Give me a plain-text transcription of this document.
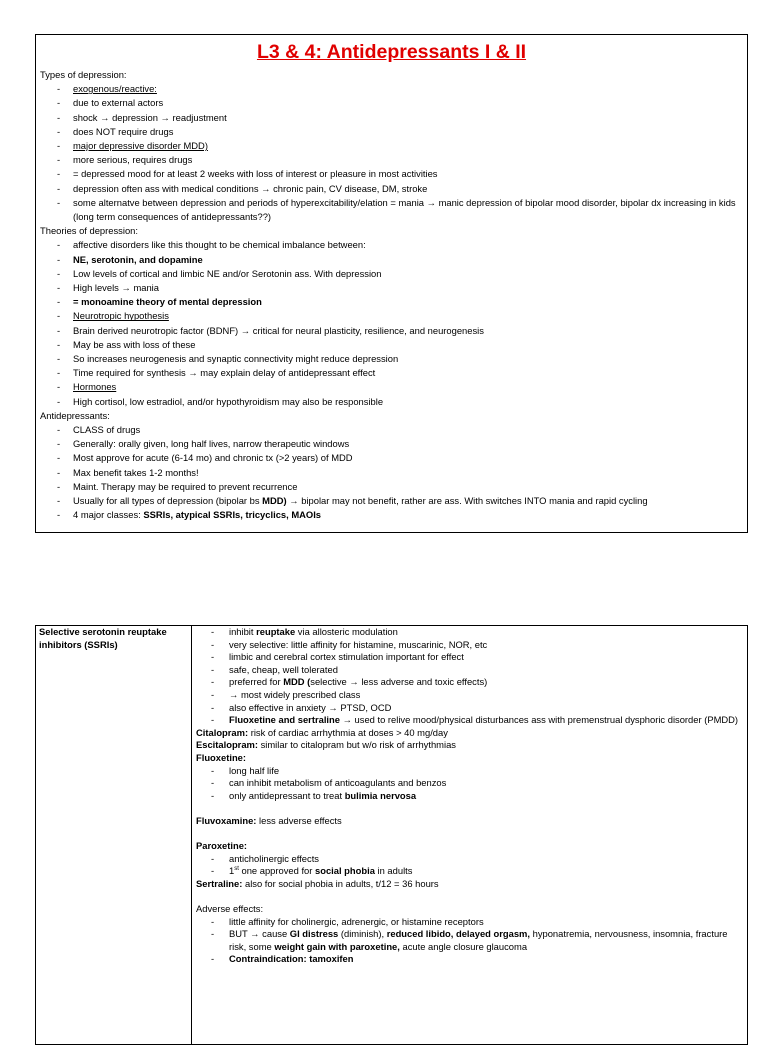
L3 & 4: Antidepressants I & II
Types of depression:
- exogenous/reactive:
- due to external actors
- shock → depression → readjustment
- does NOT require drugs
- major depressive disorder MDD)
- more serious, requires drugs
- = depressed mood for at least 2 weeks with loss of interest or pleasure in most activities
- depression often ass with medical conditions → chronic pain, CV disease, DM, stroke
- some alternatve between depression and periods of hyperexcitability/elation = mania → manic depression of bipolar mood disorder, bipolar dx increasing in kids (long term consequences of antidepressants??)
Theories of depression:
- affective disorders like this thought to be chemical imbalance between:
- NE, serotonin, and dopamine
- Low levels of cortical and limbic NE and/or Serotonin ass. With depression
- High levels → mania
- = monoamine theory of mental depression
- Neurotropic hypothesis
- Brain derived neurotropic factor (BDNF) → critical for neural plasticity, resilience, and neurogenesis
- May be ass with loss of these
- So increases neurogenesis and synaptic connectivity might reduce depression
- Time required for synthesis → may explain delay of antidepressant effect
- Hormones
- High cortisol, low estradiol, and/or hypothyroidism may also be responsible
Antidepressants:
- CLASS of drugs
- Generally: orally given, long half lives, narrow therapeutic windows
- Most approve for acute (6-14 mo) and chronic tx (>2 years) of MDD
- Max benefit takes 1-2 months!
- Maint. Therapy may be required to prevent recurrence
- Usually for all types of depression (bipolar bs MDD) → bipolar may not benefit, rather are ass. With switches INTO mania and rapid cycling
- 4 major classes: SSRIs, atypical SSRIs, tricyclics, MAOIs
Selective serotonin reuptake inhibitors (SSRIs)
- inhibit reuptake via allosteric modulation
- very selective: little affinity for histamine, muscarinic, NOR, etc
- limbic and cerebral cortex stimulation important for effect
- safe, cheap, well tolerated
- preferred for MDD (selective → less adverse and toxic effects)
- → most widely prescribed class
- also effective in anxiety → PTSD, OCD
- Fluoxetine and sertraline → used to relive mood/physical disturbances ass with premenstrual dysphoric disorder (PMDD)
Citalopram: risk of cardiac arrhythmia at doses > 40 mg/day
Escitalopram: similar to citalopram but w/o risk of arrhythmias
Fluoxetine:
- long half life
- can inhibit metabolism of anticoagulants and benzos
- only antidepressant to treat bulimia nervosa
Fluvoxamine: less adverse effects
Paroxetine:
- anticholinergic effects
- 1st one approved for social phobia in adults
Sertraline: also for social phobia in adults, t/12 = 36 hours
Adverse effects:
- little affinity for cholinergic, adrenergic, or histamine receptors
- BUT → cause GI distress (diminish), reduced libido, delayed orgasm, hyponatremia, nervousness, insomnia, fracture risk, some weight gain with paroxetine, acute angle closure glaucoma
- Contraindication: tamoxifen
